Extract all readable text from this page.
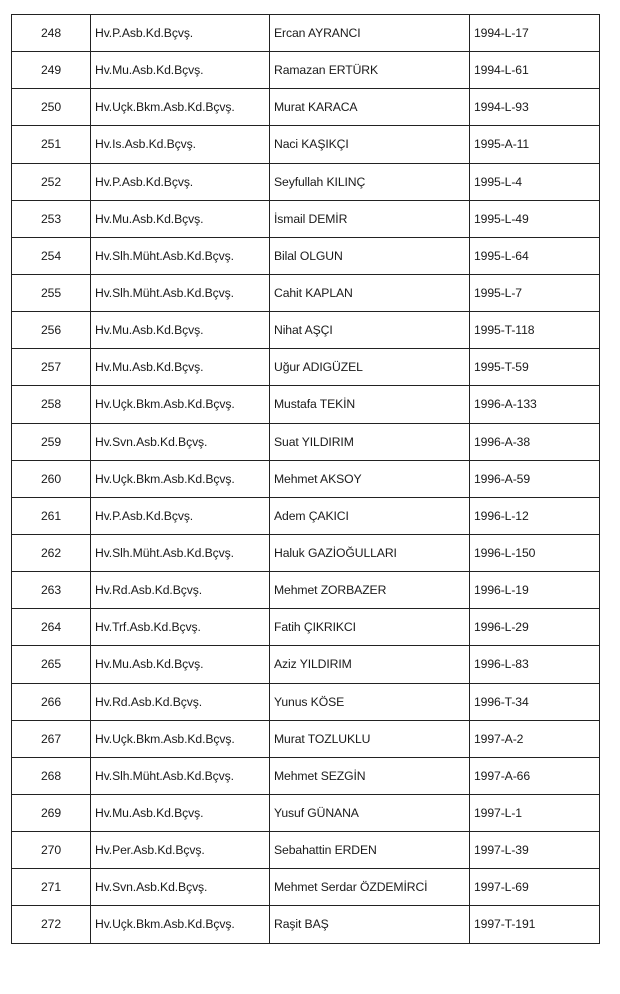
248	Hv.P.Asb.Kd.Bçvş.	Ercan AYRANCI	1994-L-17
249	Hv.Mu.Asb.Kd.Bçvş.	Ramazan ERTÜRK	1994-L-61
250	Hv.Uçk.Bkm.Asb.Kd.Bçvş.	Murat KARACA	1994-L-93
251	Hv.Is.Asb.Kd.Bçvş.	Naci KAŞIKÇI	1995-A-11
252	Hv.P.Asb.Kd.Bçvş.	Seyfullah KILINÇ	1995-L-4
253	Hv.Mu.Asb.Kd.Bçvş.	İsmail DEMİR	1995-L-49
254	Hv.Slh.Müht.Asb.Kd.Bçvş.	Bilal OLGUN	1995-L-64
255	Hv.Slh.Müht.Asb.Kd.Bçvş.	Cahit KAPLAN	1995-L-7
256	Hv.Mu.Asb.Kd.Bçvş.	Nihat AŞÇI	1995-T-118
257	Hv.Mu.Asb.Kd.Bçvş.	Uğur ADIGÜZEL	1995-T-59
258	Hv.Uçk.Bkm.Asb.Kd.Bçvş.	Mustafa TEKİN	1996-A-133
259	Hv.Svn.Asb.Kd.Bçvş.	Suat YILDIRIM	1996-A-38
260	Hv.Uçk.Bkm.Asb.Kd.Bçvş.	Mehmet AKSOY	1996-A-59
261	Hv.P.Asb.Kd.Bçvş.	Adem ÇAKICI	1996-L-12
262	Hv.Slh.Müht.Asb.Kd.Bçvş.	Haluk GAZİOĞULLARI	1996-L-150
263	Hv.Rd.Asb.Kd.Bçvş.	Mehmet ZORBAZER	1996-L-19
264	Hv.Trf.Asb.Kd.Bçvş.	Fatih ÇIKRIKCI	1996-L-29
265	Hv.Mu.Asb.Kd.Bçvş.	Aziz YILDIRIM	1996-L-83
266	Hv.Rd.Asb.Kd.Bçvş.	Yunus KÖSE	1996-T-34
267	Hv.Uçk.Bkm.Asb.Kd.Bçvş.	Murat TOZLUKLU	1997-A-2
268	Hv.Slh.Müht.Asb.Kd.Bçvş.	Mehmet SEZGİN	1997-A-66
269	Hv.Mu.Asb.Kd.Bçvş.	Yusuf GÜNANA	1997-L-1
270	Hv.Per.Asb.Kd.Bçvş.	Sebahattin ERDEN	1997-L-39
271	Hv.Svn.Asb.Kd.Bçvş.	Mehmet Serdar ÖZDEMİRCİ	1997-L-69
272	Hv.Uçk.Bkm.Asb.Kd.Bçvş.	Raşit BAŞ	1997-T-191
